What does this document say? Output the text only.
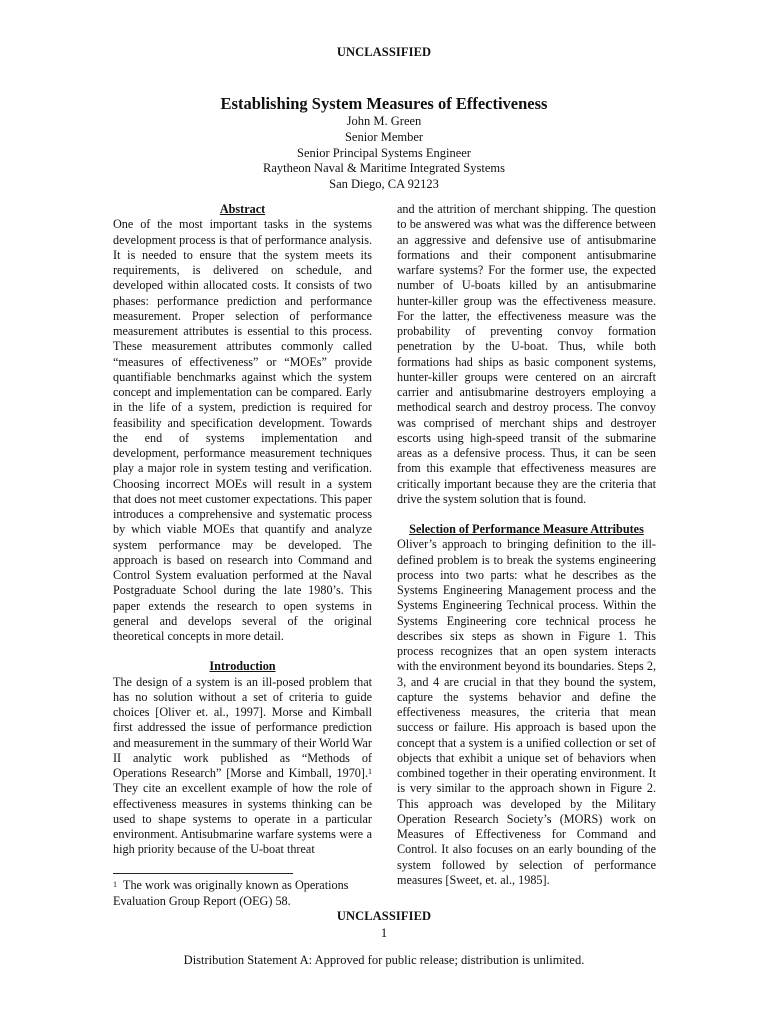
UNCLASSIFIED
Establishing System Measures of Effectiveness
John M. Green
Senior Member
Senior Principal Systems Engineer
Raytheon Naval & Maritime Integrated Systems
San Diego, CA 92123
Abstract

One of the most important tasks in the systems development process is that of performance analysis. It is needed to ensure that the system meets its requirements, is delivered on schedule, and developed within allocated costs. It consists of two phases: performance prediction and performance measurement. Proper selection of performance measurement attributes is essential to this process. These measurement attributes commonly called “measures of effectiveness” or “MOEs” provide quantifiable benchmarks against which the system concept and implementation can be compared. Early in the life of a system, prediction is required for feasibility and specification development. Towards the end of systems implementation and development, performance measurement techniques play a major role in system testing and verification. Choosing incorrect MOEs will result in a system that does not meet customer expectations. This paper introduces a comprehensive and systematic process by which viable MOEs that quantify and analyze system performance may be developed. The approach is based on research into Command and Control System evaluation performed at the Naval Postgraduate School during the late 1980’s. This paper extends the research to open systems in general and develops several of the original theoretical concepts in more detail.

Introduction

The design of a system is an ill-posed problem that has no solution without a set of criteria to guide choices [Oliver et. al., 1997]. Morse and Kimball first addressed the issue of performance prediction and measurement in the summary of their World War II analytic work published as “Methods of Operations Research” [Morse and Kimball, 1970].$^1$ They cite an excellent example of how the role of effectiveness measures in systems thinking can be used to shape systems to operate in a particular environment. Antisubmarine warfare systems were a high priority because of the U-boat threat

and the attrition of merchant shipping. The question to be answered was what was the difference between an aggressive and defensive use of antisubmarine formations and their component antisubmarine warfare systems? For the former use, the expected number of U-boats killed by an antisubmarine hunter-killer group was the effectiveness measure. For the latter, the effectiveness measure was the probability of preventing convoy formation penetration by the U-boat. Thus, while both formations had ships as basic component systems, hunter-killer groups were centered on an aircraft carrier and antisubmarine destroyers employing a methodical search and destroy process. The convoy was comprised of merchant ships and destroyer escorts using high-speed transit of the submarine areas as a defensive process. Thus, it can be seen from this example that effectiveness measures are critically important because they are the criteria that drive the system solution that is found.

Selection of Performance Measure Attributes

Oliver’s approach to bringing definition to the ill-defined problem is to break the systems engineering process into two parts: what he describes as the Systems Engineering Management process and the Systems Engineering Technical process. Within the Systems Engineering core technical process he describes six steps as shown in Figure 1. This process recognizes that an open system interacts with the environment beyond its boundaries. Steps 2, 3, and 4 are crucial in that they bound the system, capture the systems behavior and define the effectiveness measures, the criteria that mean success or failure. His approach is based upon the concept that a system is a unified collection or set of objects that exhibit a unique set of behaviors when combined together in their operating environment. It is very similar to the approach shown in Figure 2. This approach was developed by the Military Operation Research Society’s (MORS) work on Measures of Effectiveness for Command and Control. It also focuses on an early bounding of the system followed by selection of performance measures [Sweet, et. al., 1985].

$^1$ The work was originally known as Operations Evaluation Group Report (OEG) 58.
UNCLASSIFIED
1
Distribution Statement A: Approved for public release; distribution is unlimited.
